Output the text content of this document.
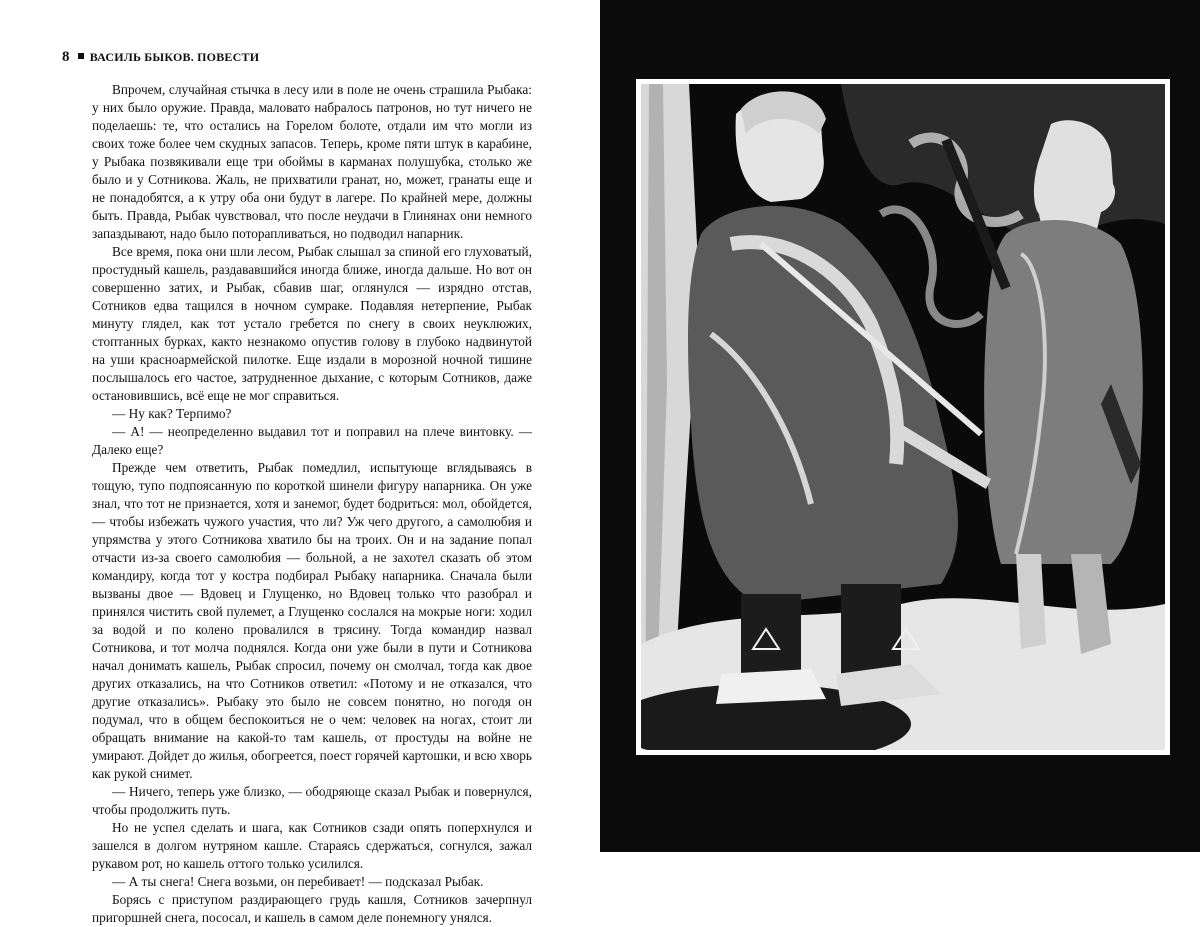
8 ВАСИЛЬ БЫКОВ. ПОВЕСТИ

Впрочем, случайная стычка в лесу или в поле не очень страшила Рыбака: у них было оружие. Правда, маловато набралось патронов, но тут ничего не поделаешь: те, что остались на Горелом болоте, отдали им что могли из своих тоже более чем скудных запасов. Теперь, кроме пяти штук в карабине, у Рыбака позвякивали еще три обоймы в карманах полушубка, столько же было и у Сотникова. Жаль, не прихватили гранат, но, может, гранаты еще и не понадобятся, а к утру оба они будут в лагере. По крайней мере, должны быть. Правда, Рыбак чувствовал, что после неудачи в Глинянах они немного запаздывают, надо было поторапливаться, но подводил напарник.

Все время, пока они шли лесом, Рыбак слышал за спиной его глуховатый, простудный кашель, раздававшийся иногда ближе, иногда дальше. Но вот он совершенно затих, и Рыбак, сбавив шаг, оглянулся — изрядно отстав, Сотников едва тащился в ночном сумраке. Подавляя нетерпение, Рыбак минуту глядел, как тот устало гребется по снегу в своих неуклюжих, стоптанных бурках, както незнакомо опустив голову в глубоко надвинутой на уши красноармейской пилотке. Еще издали в морозной ночной тишине послышалось его частое, затрудненное дыхание, с которым Сотников, даже остановившись, всё еще не мог справиться.

— Ну как? Терпимо?

— А! — неопределенно выдавил тот и поправил на плече винтовку. — Далеко еще?

Прежде чем ответить, Рыбак помедлил, испытующе вглядываясь в тощую, тупо подпоясанную по короткой шинели фигуру напарника. Он уже знал, что тот не признается, хотя и занемог, будет бодриться: мол, обойдется, — чтобы избежать чужого участия, что ли? Уж чего другого, а самолюбия и упрямства у этого Сотникова хватило бы на троих. Он и на задание попал отчасти из-за своего самолюбия — больной, а не захотел сказать об этом командиру, когда тот у костра подбирал Рыбаку напарника. Сначала были вызваны двое — Вдовец и Глущенко, но Вдовец только что разобрал и принялся чистить свой пулемет, а Глущенко сослался на мокрые ноги: ходил за водой и по колено провалился в трясину. Тогда командир назвал Сотникова, и тот молча поднялся. Когда они уже были в пути и Сотникова начал донимать кашель, Рыбак спросил, почему он смолчал, тогда как двое других отказались, на что Сотников ответил: «Потому и не отказался, что другие отказались». Рыбаку это было не совсем понятно, но погодя он подумал, что в общем беспокоиться не о чем: человек на ногах, стоит ли обращать внимание на какой-то там кашель, от простуды на войне не умирают. Дойдет до жилья, обогреется, поест горячей картошки, и всю хворь как рукой снимет.

— Ничего, теперь уже близко, — ободряюще сказал Рыбак и повернулся, чтобы продолжить путь.

Но не успел сделать и шага, как Сотников сзади опять поперхнулся и зашелся в долгом нутряном кашле. Стараясь сдержаться, согнулся, зажал рукавом рот, но кашель оттого только усилился.

— А ты снега! Снега возьми, он перебивает! — подсказал Рыбак.

Борясь с приступом раздирающего грудь кашля, Сотников зачерпнул пригоршней снега, пососал, и кашель в самом деле понемногу унялся.
